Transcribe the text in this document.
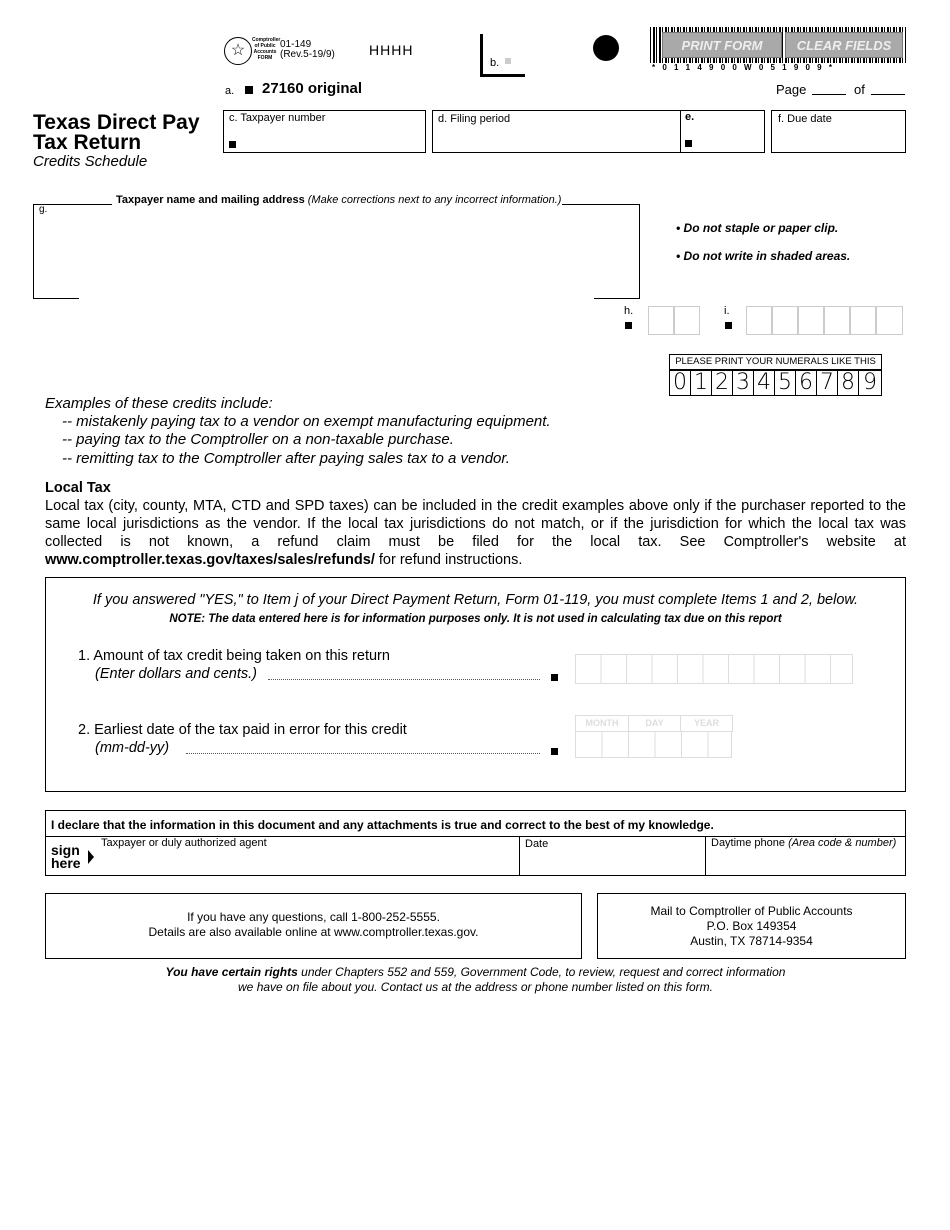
☆
Comptroller of Public Accounts FORM
01-149
(Rev.5-19/9) HHHH
b.
PRINT FORM	CLEAR FIELDS
* 0 1 1 4 9 0 0 W 0 5 1 9 0 9 *
a. 27160 original	Page	of
Texas Direct Pay
Tax Return
Credits Schedule
c. Taxpayer number	d. Filing period	e.	f. Due date
g.
Taxpayer name and mailing address (Make corrections next to any incorrect information.)
• Do not staple or paper clip.
• Do not write in shaded areas.
h.	i.
PLEASE PRINT YOUR NUMERALS LIKE THIS
0 1 2 3 4 5 6 7 8 9
Examples of these credits include:
-- mistakenly paying tax to a vendor on exempt manufacturing equipment.
-- paying tax to the Comptroller on a non-taxable purchase.
-- remitting tax to the Comptroller after paying sales tax to a vendor.
Local Tax
Local tax (city, county, MTA, CTD and SPD taxes) can be included in the credit examples above only if the purchaser reported to the same local jurisdictions as the vendor. If the local tax jurisdictions do not match, or if the jurisdiction for which the local tax was collected is not known, a refund claim must be filed for the local tax. See Comptroller's website at www.comptroller.texas.gov/taxes/sales/refunds/ for refund instructions.
If you answered "YES," to Item j of your Direct Payment Return, Form 01-119, you must complete Items 1 and 2, below.
NOTE: The data entered here is for information purposes only. It is not used in calculating tax due on this report
1. Amount of tax credit being taken on this return
(Enter dollars and cents.)
2. Earliest date of the tax paid in error for this credit
(mm-dd-yy)
MONTH	DAY	YEAR
I declare that the information in this document and any attachments is true and correct to the best of my knowledge.
sign
here
Taxpayer or duly authorized agent	Date	Daytime phone (Area code & number)
If you have any questions, call 1-800-252-5555.
Details are also available online at www.comptroller.texas.gov.
Mail to Comptroller of Public Accounts
P.O. Box 149354
Austin, TX 78714-9354
You have certain rights under Chapters 552 and 559, Government Code, to review, request and correct information
we have on file about you. Contact us at the address or phone number listed on this form.
